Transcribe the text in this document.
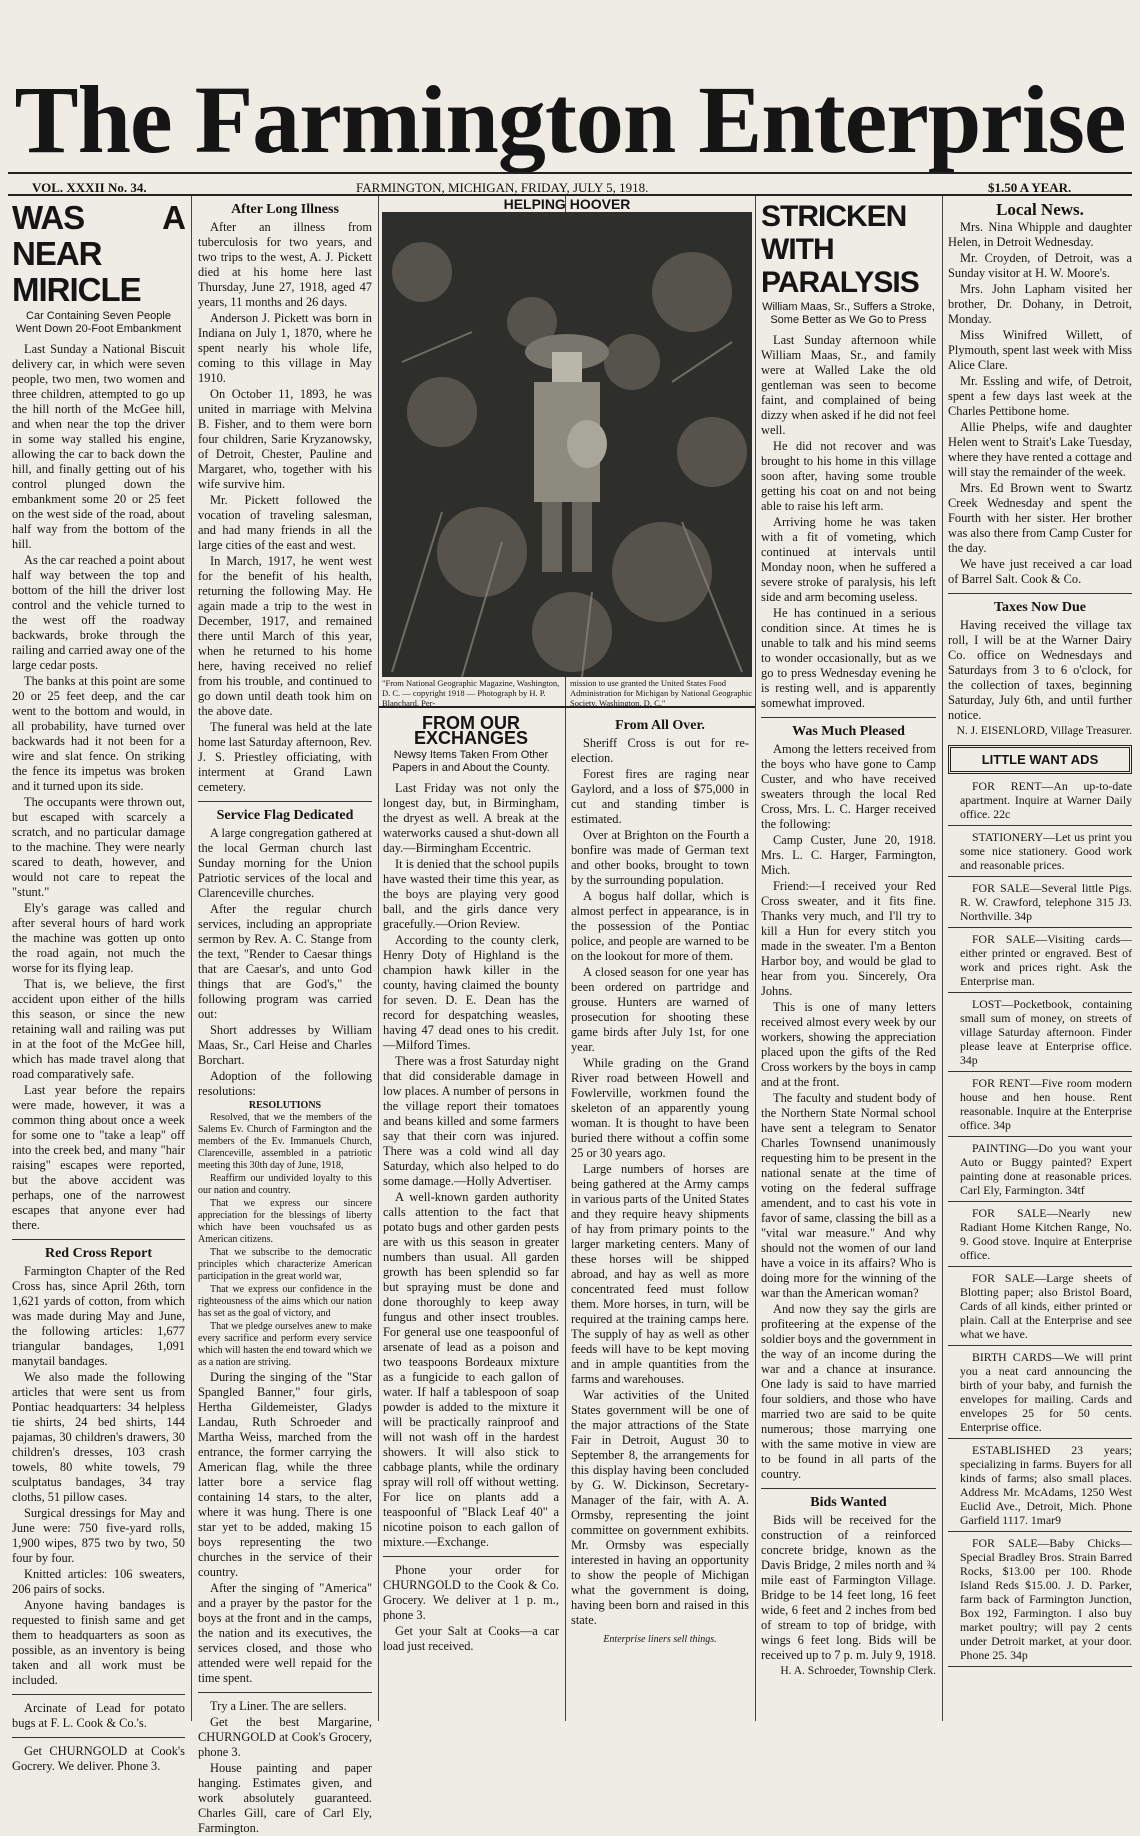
The Farmington Enterprise
VOL. XXXII No. 34.	FARMINGTON, MICHIGAN, FRIDAY, JULY 5, 1918.	$1.50 A YEAR.
WAS A NEAR MIRICLE
Car Containing Seven People Went Down 20-Foot Embankment

Last Sunday a National Biscuit delivery car, in which were seven people, two men, two women and three children, attempted to go up the hill north of the McGee hill, and when near the top the driver in some way stalled his engine, allowing the car to back down the hill, and finally getting out of his control plunged down the embankment some 20 or 25 feet on the west side of the road, about half way from the bottom of the hill.

As the car reached a point about half way between the top and bottom of the hill the driver lost control and the vehicle turned to the west off the roadway backwards, broke through the railing and carried away one of the large cedar posts.

The banks at this point are some 20 or 25 feet deep, and the car went to the bottom and would, in all probability, have turned over backwards had it not been for a wire and slat fence. On striking the fence its impetus was broken and it turned upon its side.

The occupants were thrown out, but escaped with scarcely a scratch, and no particular damage to the machine. They were nearly scared to death, however, and would not care to repeat the "stunt."

Ely's garage was called and after several hours of hard work the machine was gotten up onto the road again, not much the worse for its flying leap.

That is, we believe, the first accident upon either of the hills this season, or since the new retaining wall and railing was put in at the foot of the McGee hill, which has made travel along that road comparatively safe.

Last year before the repairs were made, however, it was a common thing about once a week for some one to "take a leap" off into the creek bed, and many "hair raising" escapes were reported, but the above accident was perhaps, one of the narrowest escapes that anyone ever had there.

Red Cross Report

Farmington Chapter of the Red Cross has, since April 26th, torn 1,621 yards of cotton, from which was made during May and June, the following articles: 1,677 triangular bandages, 1,091 manytail bandages.

We also made the following articles that were sent us from Pontiac headquarters: 34 helpless tie shirts, 24 bed shirts, 144 pajamas, 30 children's drawers, 30 children's dresses, 103 crash towels, 80 white towels, 79 sculptatus bandages, 34 tray cloths, 51 pillow cases.

Surgical dressings for May and June were: 750 five-yard rolls, 1,900 wipes, 875 two by two, 50 four by four.

Knitted articles: 106 sweaters, 206 pairs of socks.

Anyone having bandages is requested to finish same and get them to headquarters as soon as possible, as an inventory is being taken and all work must be included.

Arcinate of Lead for potato bugs at F. L. Cook & Co.'s.

Get CHURNGOLD at Cook's Gocrery. We deliver. Phone 3.

After Long Illness

After an illness from tuberculosis for two years, and two trips to the west, A. J. Pickett died at his home here last Thursday, June 27, 1918, aged 47 years, 11 months and 26 days.

Anderson J. Pickett was born in Indiana on July 1, 1870, where he spent nearly his whole life, coming to this village in May 1910.

On October 11, 1893, he was united in marriage with Melvina B. Fisher, and to them were born four children, Sarie Kryzanowsky, of Detroit, Chester, Pauline and Margaret, who, together with his wife survive him.

Mr. Pickett followed the vocation of traveling salesman, and had many friends in all the large cities of the east and west.

In March, 1917, he went west for the benefit of his health, returning the following May. He again made a trip to the west in December, 1917, and remained there until March of this year, when he returned to his home here, having received no relief from his trouble, and continued to go down until death took him on the above date.

The funeral was held at the late home last Saturday afternoon, Rev. J. S. Priestley officiating, with interment at Grand Lawn cemetery.

Service Flag Dedicated

A large congregation gathered at the local German church last Sunday morning for the Union Patriotic services of the local and Clarenceville churches.

After the regular church services, including an appropriate sermon by Rev. A. C. Stange from the text, "Render to Caesar things that are Caesar's, and unto God things that are God's," the following program was carried out:

Short addresses by William Maas, Sr., Carl Heise and Charles Borchart.

Adoption of the following resolutions:

RESOLUTIONS

Resolved, that we the members of the Salems Ev. Church of Farmington and the members of the Ev. Immanuels Church, Clarenceville, assembled in a patriotic meeting this 30th day of June, 1918,

Reaffirm our undivided loyalty to this our nation and country.

That we express our sincere appreciation for the blessings of liberty which have been vouchsafed us as American citizens.

That we subscribe to the democratic principles which characterize American participation in the great world war,

That we express our confidence in the righteousness of the aims which our nation has set as the goal of victory, and

That we pledge ourselves anew to make every sacrifice and perform every service which will hasten the end toward which we as a nation are striving.

During the singing of the "Star Spangled Banner," four girls, Hertha Gildemeister, Gladys Landau, Ruth Schroeder and Martha Weiss, marched from the entrance, the former carrying the American flag, while the three latter bore a service flag containing 14 stars, to the alter, where it was hung. There is one star yet to be added, making 15 boys representing the two churches in the service of their country.

After the singing of "America" and a prayer by the pastor for the boys at the front and in the camps, the nation and its executives, the services closed, and those who attended were well repaid for the time spent.

Try a Liner. The are sellers.

Get the best Margarine, CHURNGOLD at Cook's Grocery, phone 3.

House painting and paper hanging. Estimates given, and work absolutely guaranteed. Charles Gill, care of Carl Ely, Farmington.

HELPING HOOVER
"From National Geographic Magazine, Washington, D. C. — copyright 1918 — Photograph by H. P. Blanchard. Per-
mission to use granted the United States Food Administration for Michigan by National Geographic Society, Washington, D. C."
FROM OUR EXCHANGES
Newsy Items Taken From Other Papers in and About the County.

Last Friday was not only the longest day, but, in Birmingham, the dryest as well. A break at the waterworks caused a shut-down all day.—Birmingham Eccentric.

It is denied that the school pupils have wasted their time this year, as the boys are playing very good ball, and the girls dance very gracefully.—Orion Review.

According to the county clerk, Henry Doty of Highland is the champion hawk killer in the county, having claimed the bounty for seven. D. E. Dean has the record for despatching weasles, having 47 dead ones to his credit.—Milford Times.

There was a frost Saturday night that did considerable damage in low places. A number of persons in the village report their tomatoes and beans killed and some farmers say that their corn was injured. There was a cold wind all day Saturday, which also helped to do some damage.—Holly Advertiser.

A well-known garden authority calls attention to the fact that potato bugs and other garden pests are with us this season in greater numbers than usual. All garden growth has been splendid so far but spraying must be done and done thoroughly to keep away fungus and other insect troubles. For general use one teaspoonful of arsenate of lead as a poison and two teaspoons Bordeaux mixture as a fungicide to each gallon of water. If half a tablespoon of soap powder is added to the mixture it will be practically rainproof and will not wash off in the hardest showers. It will also stick to cabbage plants, while the ordinary spray will roll off without wetting. For lice on plants add a teaspoonful of "Black Leaf 40" a nicotine poison to each gallon of mixture.—Exchange.

Phone your order for CHURNGOLD to the Cook & Co. Grocery. We deliver at 1 p. m., phone 3.

Get your Salt at Cooks—a car load just received.

From All Over.

Sheriff Cross is out for re-election.

Forest fires are raging near Gaylord, and a loss of $75,000 in cut and standing timber is estimated.

Over at Brighton on the Fourth a bonfire was made of German text and other books, brought to town by the surrounding population.

A bogus half dollar, which is almost perfect in appearance, is in the possession of the Pontiac police, and people are warned to be on the lookout for more of them.

A closed season for one year has been ordered on partridge and grouse. Hunters are warned of prosecution for shooting these game birds after July 1st, for one year.

While grading on the Grand River road between Howell and Fowlerville, workmen found the skeleton of an apparently young woman. It is thought to have been buried there without a coffin some 25 or 30 years ago.

Large numbers of horses are being gathered at the Army camps in various parts of the United States and they require heavy shipments of hay from primary points to the larger marketing centers. Many of these horses will be shipped abroad, and hay as well as more concentrated feed must follow them. More horses, in turn, will be required at the training camps here. The supply of hay as well as other feeds will have to be kept moving and in ample quantities from the farms and warehouses.

War activities of the United States government will be one of the major attractions of the State Fair in Detroit, August 30 to September 8, the arrangements for this display having been concluded by G. W. Dickinson, Secretary-Manager of the fair, with A. A. Ormsby, representing the joint committee on government exhibits. Mr. Ormsby was especially interested in having an opportunity to show the people of Michigan what the government is doing, having been born and raised in this state.

Enterprise liners sell things.
STRICKEN WITH PARALYSIS
William Maas, Sr., Suffers a Stroke, Some Better as We Go to Press

Last Sunday afternoon while William Maas, Sr., and family were at Walled Lake the old gentleman was seen to become faint, and complained of being dizzy when asked if he did not feel well.

He did not recover and was brought to his home in this village soon after, having some trouble getting his coat on and not being able to raise his left arm.

Arriving home he was taken with a fit of vometing, which continued at intervals until Monday noon, when he suffered a severe stroke of paralysis, his left side and arm becoming useless.

He has continued in a serious condition since. At times he is unable to talk and his mind seems to wonder occasionally, but as we go to press Wednesday evening he is resting well, and is apparently somewhat improved.

Was Much Pleased

Among the letters received from the boys who have gone to Camp Custer, and who have received sweaters through the local Red Cross, Mrs. L. C. Harger received the following:

Camp Custer, June 20, 1918. Mrs. L. C. Harger, Farmington, Mich.

Friend:—I received your Red Cross sweater, and it fits fine. Thanks very much, and I'll try to kill a Hun for every stitch you made in the sweater. I'm a Benton Harbor boy, and would be glad to hear from you. Sincerely, Ora Johns.

This is one of many letters received almost every week by our workers, showing the appreciation placed upon the gifts of the Red Cross workers by the boys in camp and at the front.

The faculty and student body of the Northern State Normal school have sent a telegram to Senator Charles Townsend unanimously requesting him to be present in the national senate at the time of voting on the federal suffrage amendent, and to cast his vote in favor of same, classing the bill as a "vital war measure." And why should not the women of our land have a voice in its affairs? Who is doing more for the winning of the war than the American woman?

And now they say the girls are profiteering at the expense of the soldier boys and the government in the way of an income during the war and a chance at insurance. One lady is said to have married four soldiers, and those who have married two are said to be quite numerous; those marrying one with the same motive in view are to be found in all parts of the country.

Bids Wanted

Bids will be received for the construction of a reinforced concrete bridge, known as the Davis Bridge, 2 miles north and ¾ mile east of Farmington Village. Bridge to be 14 feet long, 16 feet wide, 6 feet and 2 inches from bed of stream to top of bridge, with wings 6 feet long. Bids will be received up to 7 p. m. July 9, 1918.

H. A. Schroeder, Township Clerk.
Local News.

Mrs. Nina Whipple and daughter Helen, in Detroit Wednesday.

Mr. Croyden, of Detroit, was a Sunday visitor at H. W. Moore's.

Mrs. John Lapham visited her brother, Dr. Dohany, in Detroit, Monday.

Miss Winifred Willett, of Plymouth, spent last week with Miss Alice Clare.

Mr. Essling and wife, of Detroit, spent a few days last week at the Charles Pettibone home.

Allie Phelps, wife and daughter Helen went to Strait's Lake Tuesday, where they have rented a cottage and will stay the remainder of the week.

Mrs. Ed Brown went to Swartz Creek Wednesday and spent the Fourth with her sister. Her brother was also there from Camp Custer for the day.

We have just received a car load of Barrel Salt. Cook & Co.

Taxes Now Due

Having received the village tax roll, I will be at the Warner Dairy Co. office on Wednesdays and Saturdays from 3 to 6 o'clock, for the collection of taxes, beginning Saturday, July 6th, and until further notice.

N. J. EISENLORD, Village Treasurer.
LITTLE WANT ADS

FOR RENT—An up-to-date apartment. Inquire at Warner Daily office. 22c

STATIONERY—Let us print you some nice stationery. Good work and reasonable prices.

FOR SALE—Several little Pigs. R. W. Crawford, telephone 315 J3. Northville. 34p

FOR SALE—Visiting cards—either printed or engraved. Best of work and prices right. Ask the Enterprise man.

LOST—Pocketbook, containing small sum of money, on streets of village Saturday afternoon. Finder please leave at Enterprise office. 34p

FOR RENT—Five room modern house and hen house. Rent reasonable. Inquire at the Enterprise office. 34p

PAINTING—Do you want your Auto or Buggy painted? Expert painting done at reasonable prices. Carl Ely, Farmington. 34tf

FOR SALE—Nearly new Radiant Home Kitchen Range, No. 9. Good stove. Inquire at Enterprise office.

FOR SALE—Large sheets of Blotting paper; also Bristol Board, Cards of all kinds, either printed or plain. Call at the Enterprise and see what we have.

BIRTH CARDS—We will print you a neat card announcing the birth of your baby, and furnish the envelopes for mailing. Cards and envelopes 25 for 50 cents. Enterprise office.

ESTABLISHED 23 years; specializing in farms. Buyers for all kinds of farms; also small places. Address Mr. McAdams, 1250 West Euclid Ave., Detroit, Mich. Phone Garfield 1117. 1mar9

FOR SALE—Baby Chicks—Special Bradley Bros. Strain Barred Rocks, $13.00 per 100. Rhode Island Reds $15.00. J. D. Parker, farm back of Farmington Junction, Box 192, Farmington. I also buy market poultry; will pay 2 cents under Detroit market, at your door. Phone 25. 34p
